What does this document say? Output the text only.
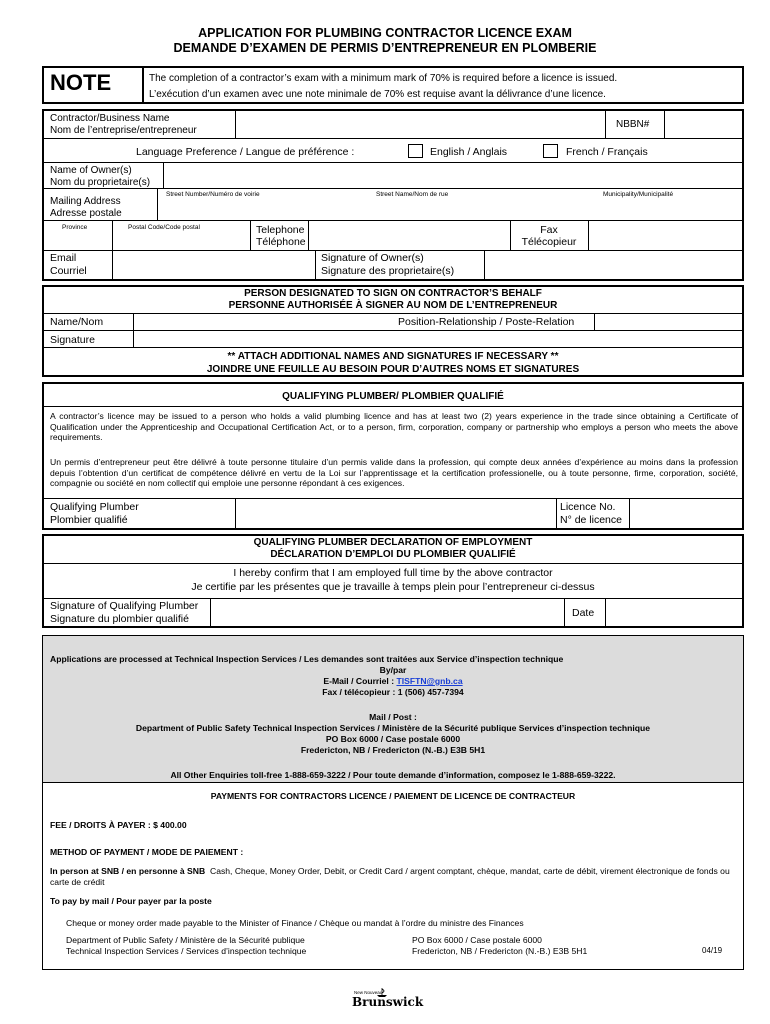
APPLICATION FOR PLUMBING CONTRACTOR LICENCE EXAM
DEMANDE D’EXAMEN DE PERMIS D’ENTREPRENEUR EN PLOMBERIE
NOTE	The completion of a contractor’s exam with a minimum mark of 70% is required before a licence is issued.
L’exécution d’un examen avec une note minimale de 70% est requise avant la délivrance d’une licence.
Contractor/Business Name
Nom de l’entreprise/entrepreneur
NBBN#
Language Preference / Langue de préférence :	English / Anglais	French / Français
Name of Owner(s)
Nom du proprietaire(s)
Mailing Address
Adresse postale
Street Number/Numéro de voirie	Street Name/Nom de rue	Municipality/Municipalité
Province	Postal Code/Code postal	Telephone
Téléphone
Fax
Télécopieur
Email
Courriel
Signature of Owner(s)
Signature des proprietaire(s)
PERSON DESIGNATED TO SIGN ON CONTRACTOR’S BEHALF
PERSONNE AUTHORISÉE À SIGNER AU NOM DE L’ENTREPRENEUR
Name/Nom	Position-Relationship / Poste-Relation
Signature
** ATTACH ADDITIONAL NAMES AND SIGNATURES IF NECESSARY **
JOINDRE UNE FEUILLE AU BESOIN POUR D’AUTRES NOMS ET SIGNATURES
QUALIFYING PLUMBER/ PLOMBIER QUALIFIÉ
A contractor’s licence may be issued to a person who holds a valid plumbing licence and has at least two (2) years experience in the trade since obtaining a Certificate of Qualification under the Apprenticeship and Occupational Certification Act, or to a person, firm, corporation, company or partnership who employs a person who meets the above requirements.
Un permis d’entrepreneur peut être délivré à toute personne titulaire d’un permis valide dans la profession, qui compte deux années d’expérience au moins dans la profession depuis l’obtention d’un certificat de compétence délivré en vertu de la Loi sur l’apprentissage et la certification professionelle, ou à toute personne, firme, corporation, société, compagnie ou société en nom collectif qui emploie une personne répondant à ces exigences.
Qualifying Plumber
Plombier qualifié
Licence No.
N° de licence
QUALIFYING PLUMBER DECLARATION OF EMPLOYMENT
DÉCLARATION D’EMPLOI DU PLOMBIER QUALIFIÉ
I hereby confirm that I am employed full time by the above contractor
Je certifie par les présentes que je travaille à temps plein pour l’entrepreneur ci-dessus
Signature of Qualifying Plumber
Signature du plombier qualifié	Date
Applications are processed at Technical Inspection Services / Les demandes sont traitées aux Service d’inspection technique
By/par
E-Mail / Courriel : TISFTN@gnb.ca
Fax / télécopieur : 1 (506) 457-7394
Mail / Post :
Department of Public Safety Technical Inspection Services / Ministère de la Sécurité publique Services d’inspection technique
PO Box 6000 / Case postale 6000
Fredericton, NB / Fredericton (N.-B.) E3B 5H1
All Other Enquiries toll-free 1-888-659-3222 / Pour toute demande d’information, composez le 1-888-659-3222.
PAYMENTS FOR CONTRACTORS LICENCE / PAIEMENT DE LICENCE DE CONTRACTEUR
FEE / DROITS À PAYER : $ 400.00
METHOD OF PAYMENT / MODE DE PAIEMENT :
In person at SNB / en personne à SNB Cash, Cheque, Money Order, Debit, or Credit Card / argent comptant, chèque, mandat, carte de débit, virement électronique de fonds ou carte de crédit
To pay by mail / Pour payer par la poste
Cheque or money order made payable to the Minister of Finance / Chèque ou mandat à l’ordre du ministre des Finances
Department of Public Safety / Ministère de la Sécurité publique
Technical Inspection Services / Services d’inspection technique
PO Box 6000 / Case postale 6000
Fredericton, NB / Fredericton (N.-B.) E3B 5H1	04/19
New Nouveau
Brunswick
